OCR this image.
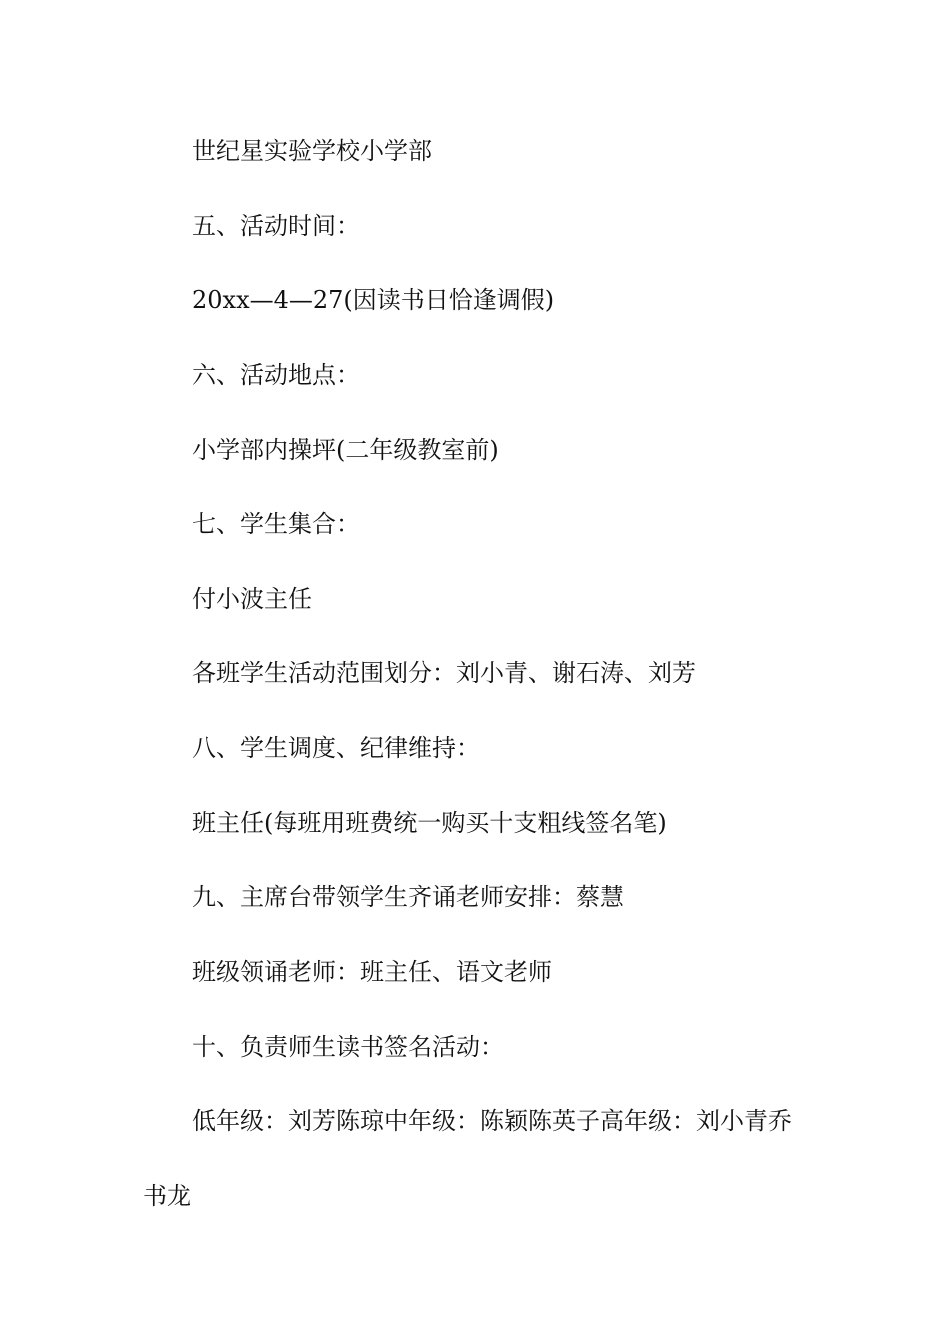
世纪星实验学校小学部
五、活动时间：
20xx—4—27(因读书日恰逢调假)
六、活动地点：
小学部内操坪(二年级教室前)
七、学生集合：
付小波主任
各班学生活动范围划分：刘小青、谢石涛、刘芳
八、学生调度、纪律维持：
班主任(每班用班费统一购买十支粗线签名笔)
九、主席台带领学生齐诵老师安排：蔡慧
班级领诵老师：班主任、语文老师
十、负责师生读书签名活动：
低年级：刘芳陈琼中年级：陈颖陈英子高年级：刘小青乔
书龙
